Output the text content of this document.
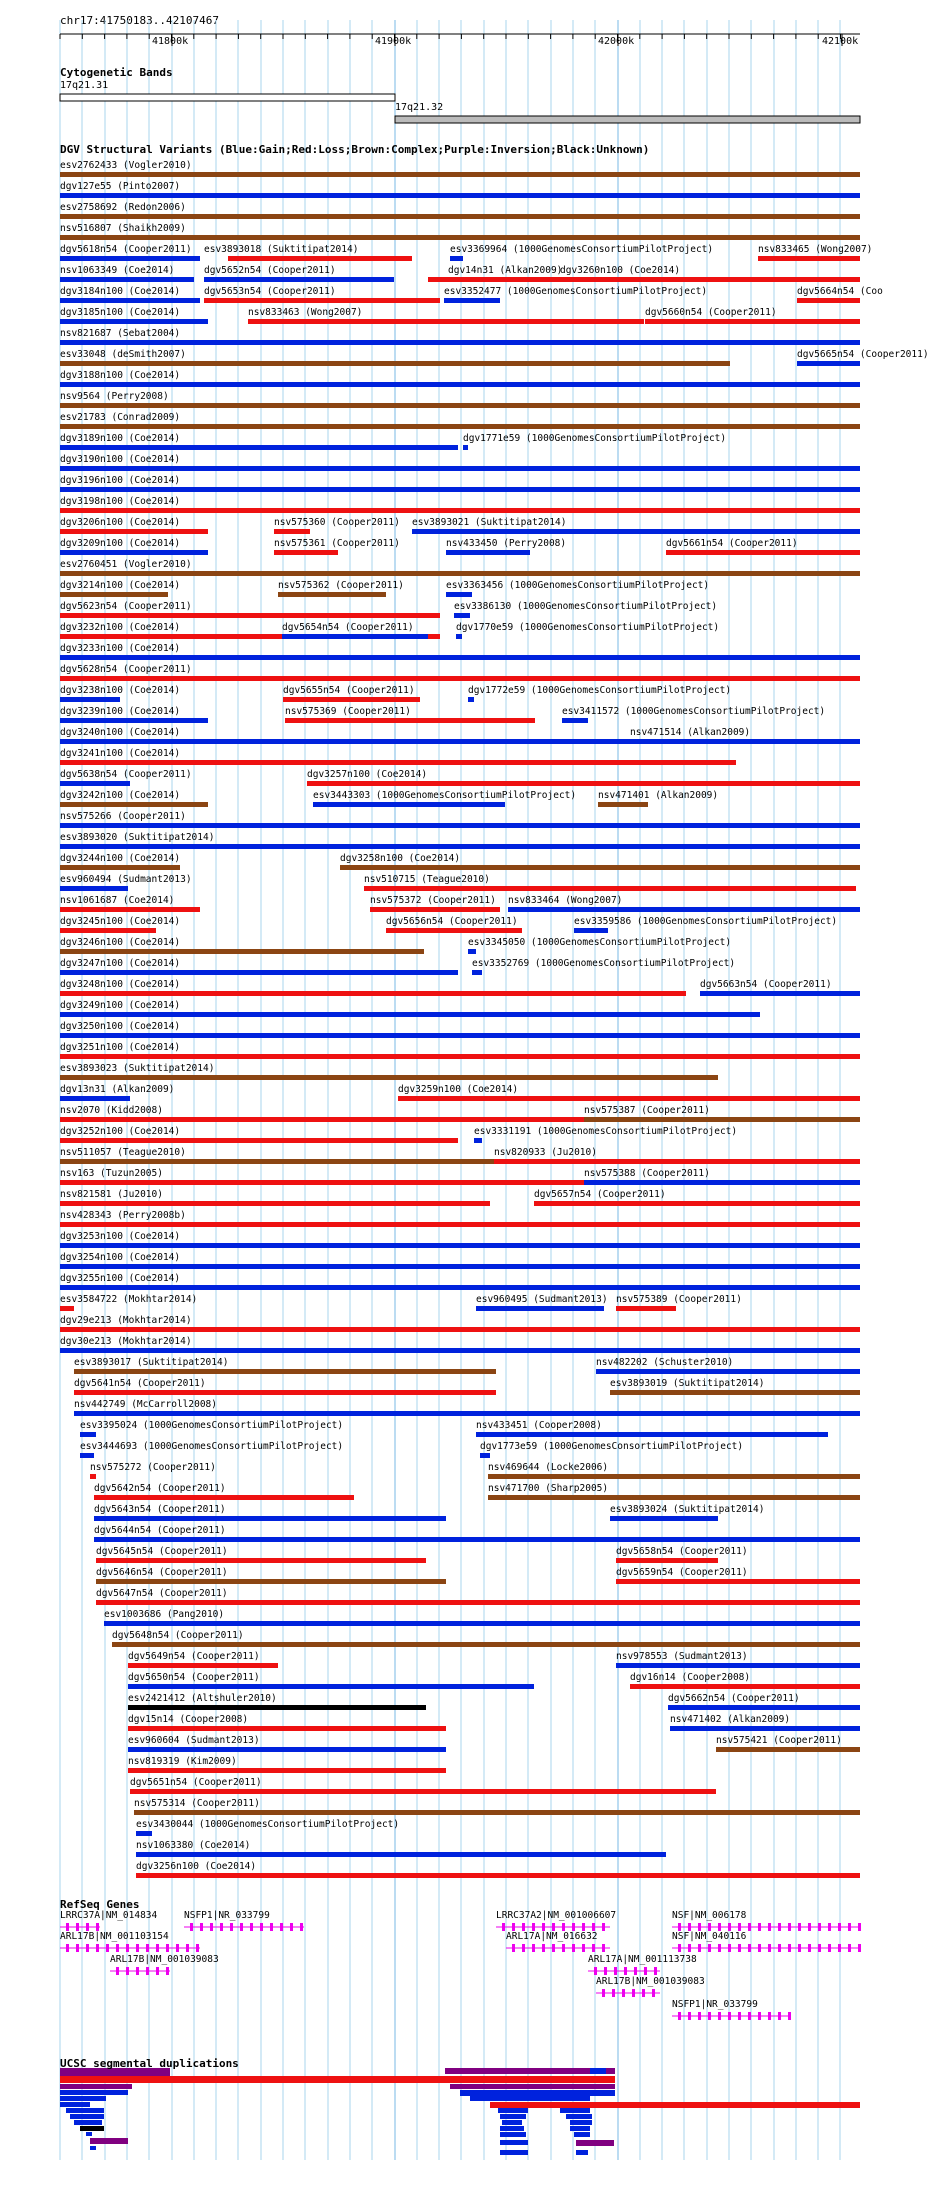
chr17:41750183..42107467
Cytogenetic Bands
17q21.31
17q21.32
DGV Structural Variants (Blue:Gain;Red:Loss;Brown:Complex;Purple:Inversion;Black:Unknown)
esv2762433 (Vogler2010)
dgv127e55 (Pinto2007)
esv2758692 (Redon2006)
nsv516807 (Shaikh2009)
dgv5618n54 (Cooper2011) esv3893018 (Suktitipat2014)	esv3369964 (1000GenomesConsortiumPilotProject)	nsv833465 (Wong2007)
nsv1063349 (Coe2014)	dgv5652n54 (Cooper2011)	dgv14n31 (Alkan2009)
dgv3260n100 (Coe2014)
dgv3184n100 (Coe2014)	dgv5653n54 (Cooper2011)	esv3352477 (1000GenomesConsortiumPilotProject)	dgv5664n54 (Coo
dgv3185n100 (Coe2014)	nsv833463 (Wong2007)	dgv5660n54 (Cooper2011)
nsv821687 (Sebat2004)
esv33048 (deSmith2007)	dgv5665n54 (Cooper2011)
dgv3188n100 (Coe2014)
nsv9564 (Perry2008)
esv21783 (Conrad2009)
dgv3189n100 (Coe2014)	dgv1771e59 (1000GenomesConsortiumPilotProject)
dgv3190n100 (Coe2014)
dgv3196n100 (Coe2014)
dgv3198n100 (Coe2014)
dgv3206n100 (Coe2014)	nsv575360 (Cooper2011) esv3893021 (Suktitipat2014)
dgv3209n100 (Coe2014)	nsv575361 (Cooper2011)	nsv433450 (Perry2008)	dgv5661n54 (Cooper2011)
esv2760451 (Vogler2010)
dgv3214n100 (Coe2014)	nsv575362 (Cooper2011)	esv3363456 (1000GenomesConsortiumPilotProject)
dgv5623n54 (Cooper2011)	esv3386130 (1000GenomesConsortiumPilotProject)
dgv3232n100 (Coe2014)	dgv5654n54 (Cooper2011)	dgv1770e59 (1000GenomesConsortiumPilotProject)
dgv3233n100 (Coe2014)
dgv5628n54 (Cooper2011)
dgv3238n100 (Coe2014)	dgv5655n54 (Cooper2011)	dgv1772e59 (1000GenomesConsortiumPilotProject)
dgv3239n100 (Coe2014)	nsv575369 (Cooper2011)	esv3411572 (1000GenomesConsortiumPilotProject)
dgv3240n100 (Coe2014)	nsv471514 (Alkan2009)
dgv3241n100 (Coe2014)
dgv5638n54 (Cooper2011)	dgv3257n100 (Coe2014)
dgv3242n100 (Coe2014)	esv3443303 (1000GenomesConsortiumPilotProject) nsv471401 (Alkan2009)
nsv575266 (Cooper2011)
esv3893020 (Suktitipat2014)
dgv3244n100 (Coe2014)	dgv3258n100 (Coe2014)
esv960494 (Sudmant2013)	nsv510715 (Teague2010)
nsv1061687 (Coe2014)	nsv575372 (Cooper2011) nsv833464 (Wong2007)
dgv3245n100 (Coe2014)	dgv5656n54 (Cooper2011)	esv3359586 (1000GenomesConsortiumPilotProject)
dgv3246n100 (Coe2014)	esv3345050 (1000GenomesConsortiumPilotProject)
dgv3247n100 (Coe2014)	esv3352769 (1000GenomesConsortiumPilotProject)
dgv3248n100 (Coe2014)	dgv5663n54 (Cooper2011)
dgv3249n100 (Coe2014)
dgv3250n100 (Coe2014)
dgv3251n100 (Coe2014)
esv3893023 (Suktitipat2014)
dgv13n31 (Alkan2009)	dgv3259n100 (Coe2014)
nsv2070 (Kidd2008)	nsv575387 (Cooper2011)
dgv3252n100 (Coe2014)	esv3331191 (1000GenomesConsortiumPilotProject)
nsv511057 (Teague2010)	nsv820933 (Ju2010)
nsv163 (Tuzun2005)	nsv575388 (Cooper2011)
nsv821581 (Ju2010)	dgv5657n54 (Cooper2011)
nsv428343 (Perry2008b)
dgv3253n100 (Coe2014)
dgv3254n100 (Coe2014)
dgv3255n100 (Coe2014)
esv3584722 (Mokhtar2014)	esv960495 (Sudmant2013) nsv575389 (Cooper2011)
dgv29e213 (Mokhtar2014)
dgv30e213 (Mokhtar2014)
esv3893017 (Suktitipat2014)	nsv482202 (Schuster2010)
dgv5641n54 (Cooper2011)	esv3893019 (Suktitipat2014)
nsv442749 (McCarroll2008)
esv3395024 (1000GenomesConsortiumPilotProject)	nsv433451 (Cooper2008)
esv3444693 (1000GenomesConsortiumPilotProject)	dgv1773e59 (1000GenomesConsortiumPilotProject)
nsv575272 (Cooper2011)	nsv469644 (Locke2006)
dgv5642n54 (Cooper2011)	nsv471700 (Sharp2005)
dgv5643n54 (Cooper2011)	esv3893024 (Suktitipat2014)
dgv5644n54 (Cooper2011)
dgv5645n54 (Cooper2011)	dgv5658n54 (Cooper2011)
dgv5646n54 (Cooper2011)	dgv5659n54 (Cooper2011)
dgv5647n54 (Cooper2011)
esv1003686 (Pang2010)
dgv5648n54 (Cooper2011)
dgv5649n54 (Cooper2011)	nsv978553 (Sudmant2013)
dgv5650n54 (Cooper2011)	dgv16n14 (Cooper2008)
esv2421412 (Altshuler2010)	dgv5662n54 (Cooper2011)
dgv15n14 (Cooper2008)	nsv471402 (Alkan2009)
esv960604 (Sudmant2013)	nsv575421 (Cooper2011)
nsv819319 (Kim2009)
dgv5651n54 (Cooper2011)
nsv575314 (Cooper2011)
esv3430044 (1000GenomesConsortiumPilotProject)
nsv1063380 (Coe2014)
dgv3256n100 (Coe2014)
RefSeq Genes
LRRC37A|NM_014834	NSFP1|NR_033799	LRRC37A2|NM_001006607	NSF|NM_006178
ARL17B|NM_001103154	ARL17A|NM_016632	NSF|NM_040116
ARL17B|NM_001039083	ARL17A|NM_001113738
ARL17B|NM_001039083
NSFP1|NR_033799
UCSC segmental duplications
41800k	41900k	42000k	42100k
